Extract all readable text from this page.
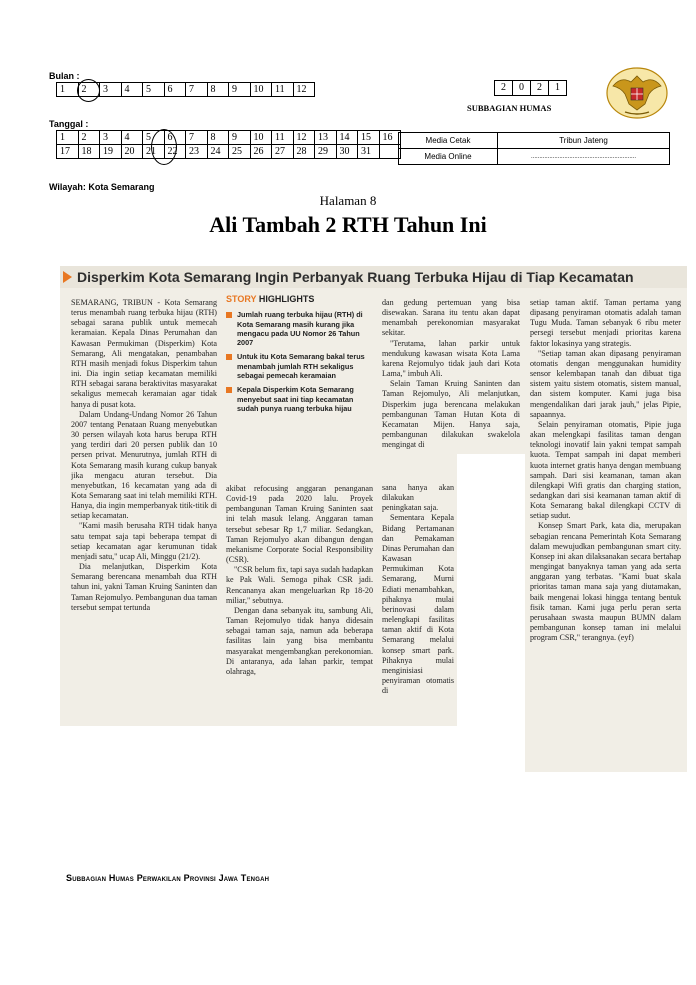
Bulan :
1	2	3	4	5	6	7	8	9	10	11	12
Tanggal :
1	2	3	4	5	6	7	8	9	10	11	12	13	14	15	16
17	18	19	20	21	22	23	24	25	26	27	28	29	30	31	
2	0	2	1
SUBBAGIAN HUMAS
Media Cetak	Tribun Jateng
Media Online	...............................................................
Wilayah: Kota Semarang
Halaman 8
Ali Tambah 2 RTH Tahun Ini
Disperkim Kota Semarang Ingin Perbanyak Ruang Terbuka Hijau di Tiap Kecamatan

SEMARANG, TRIBUN - Kota Semarang terus menambah ruang terbuka hijau (RTH) sebagai sarana publik untuk memecah keramaian. Kepala Dinas Perumahan dan Kawasan Permukiman (Disperkim) Kota Semarang, Ali mengatakan, penambahan RTH masih menjadi fokus Disperkim tahun ini. Dia ingin setiap kecamatan memiliki RTH sebagai sarana beraktivitas masyarakat sekaligus memecah keramaian agar tidak hanya di pusat kota.

Dalam Undang-Undang Nomor 26 Tahun 2007 tentang Penataan Ruang menyebutkan 30 persen wilayah kota harus berupa RTH yang terdiri dari 20 persen publik dan 10 persen privat. Menurutnya, jumlah RTH di Kota Semarang masih kurang cukup banyak jika mengacu aturan tersebut. Dia menyebutkan, 16 kecamatan yang ada di Kota Semarang saat ini telah memiliki RTH. Hanya, dia ingin memperbanyak titik-titik di setiap kecamatan.

"Kami masih berusaha RTH tidak hanya satu tempat saja tapi beberapa tempat di setiap kecamatan agar kerumunan tidak menjadi satu," ucap Ali, Minggu (21/2).

Dia melanjutkan, Disperkim Kota Semarang berencana menambah dua RTH tahun ini, yakni Taman Kruing Saninten dan Taman Rejomulyo. Pembangunan dua taman tersebut sempat tertunda

STORY HIGHLIGHTS
Jumlah ruang terbuka hijau (RTH) di Kota Semarang masih kurang jika mengacu pada UU Nomor 26 Tahun 2007
Untuk itu Kota Semarang bakal terus menambah jumlah RTH sekaligus sebagai pemecah keramaian
Kepala Disperkim Kota Semarang menyebut saat ini tiap kecamatan sudah punya ruang terbuka hijau

akibat refocusing anggaran penanganan Covid-19 pada 2020 lalu. Proyek pembangunan Taman Kruing Saninten saat ini telah masuk lelang. Anggaran taman tersebut sebesar Rp 1,7 miliar. Sedangkan, Taman Rejomulyo akan dibangun dengan mekanisme Corporate Social Responsibility (CSR).

"CSR belum fix, tapi saya sudah hadapkan ke Pak Wali. Semoga pihak CSR jadi. Rencananya akan mengeluarkan Rp 18-20 miliar," sebutnya.

Dengan dana sebanyak itu, sambung Ali, Taman Rejomulyo tidak hanya didesain sebagai taman saja, namun ada beberapa fasilitas lain yang bisa membantu masyarakat mengembangkan perekonomian. Di antaranya, ada lahan parkir, tempat olahraga,

dan gedung pertemuan yang bisa disewakan. Sarana itu tentu akan dapat menambah perekonomian masyarakat sekitar.

"Terutama, lahan parkir untuk mendukung kawasan wisata Kota Lama karena Rejomulyo tidak jauh dari Kota Lama," imbuh Ali.

Selain Taman Kruing Saninten dan Taman Rejomulyo, Ali melanjutkan, Disperkim juga berencana melakukan pembangunan Taman Hutan Kota di Kecamatan Mijen. Hanya saja, pembangunan dilakukan swakelola mengingat di

sana hanya akan dilakukan peningkatan saja.

Sementara Kepala Bidang Pertamanan dan Pemakaman Dinas Perumahan dan Kawasan Permukiman Kota Semarang, Murni Ediati menambahkan, pihaknya mulai berinovasi dalam melengkapi fasilitas taman aktif di Kota Semarang melalui konsep smart park. Pihaknya mulai menginisiasi penyiraman otomatis di

setiap taman aktif. Taman pertama yang dipasang penyiraman otomatis adalah taman Tugu Muda. Taman sebanyak 6 ribu meter persegi tersebut menjadi prioritas karena faktor lokasinya yang strategis.

"Setiap taman akan dipasang penyiraman otomatis dengan menggunakan humidity sensor kelembapan tanah dan dibuat tiga sistem yaitu sistem otomatis, sistem manual, dan sistem komputer. Kami juga bisa mengendalikan dari jarak jauh," jelas Pipie, sapaannya.

Selain penyiraman otomatis, Pipie juga akan melengkapi fasilitas taman dengan teknologi inovatif lain yakni tempat sampah kuota. Tempat sampah ini dapat memberi kuota internet gratis hanya dengan membuang sampah. Dari sisi keamanan, taman akan dilengkapi Wifi gratis dan charging station, sedangkan dari sisi keamanan taman aktif di Kota Semarang bakal dilengkapi CCTV di setiap sudut.

Konsep Smart Park, kata dia, merupakan sebagian rencana Pemerintah Kota Semarang dalam mewujudkan pembangunan smart city. Konsep ini akan dilaksanakan secara bertahap mengingat banyaknya taman yang ada serta anggaran yang terbatas. "Kami buat skala prioritas taman mana saja yang diutamakan, baik mengenai lokasi hingga tentang bentuk fisik taman. Kami juga perlu peran serta perusahaan swasta maupun BUMN dalam pembangunan konsep taman ini melalui program CSR," terangnya. (eyf)

Subbagian Humas Perwakilan Provinsi Jawa Tengah
